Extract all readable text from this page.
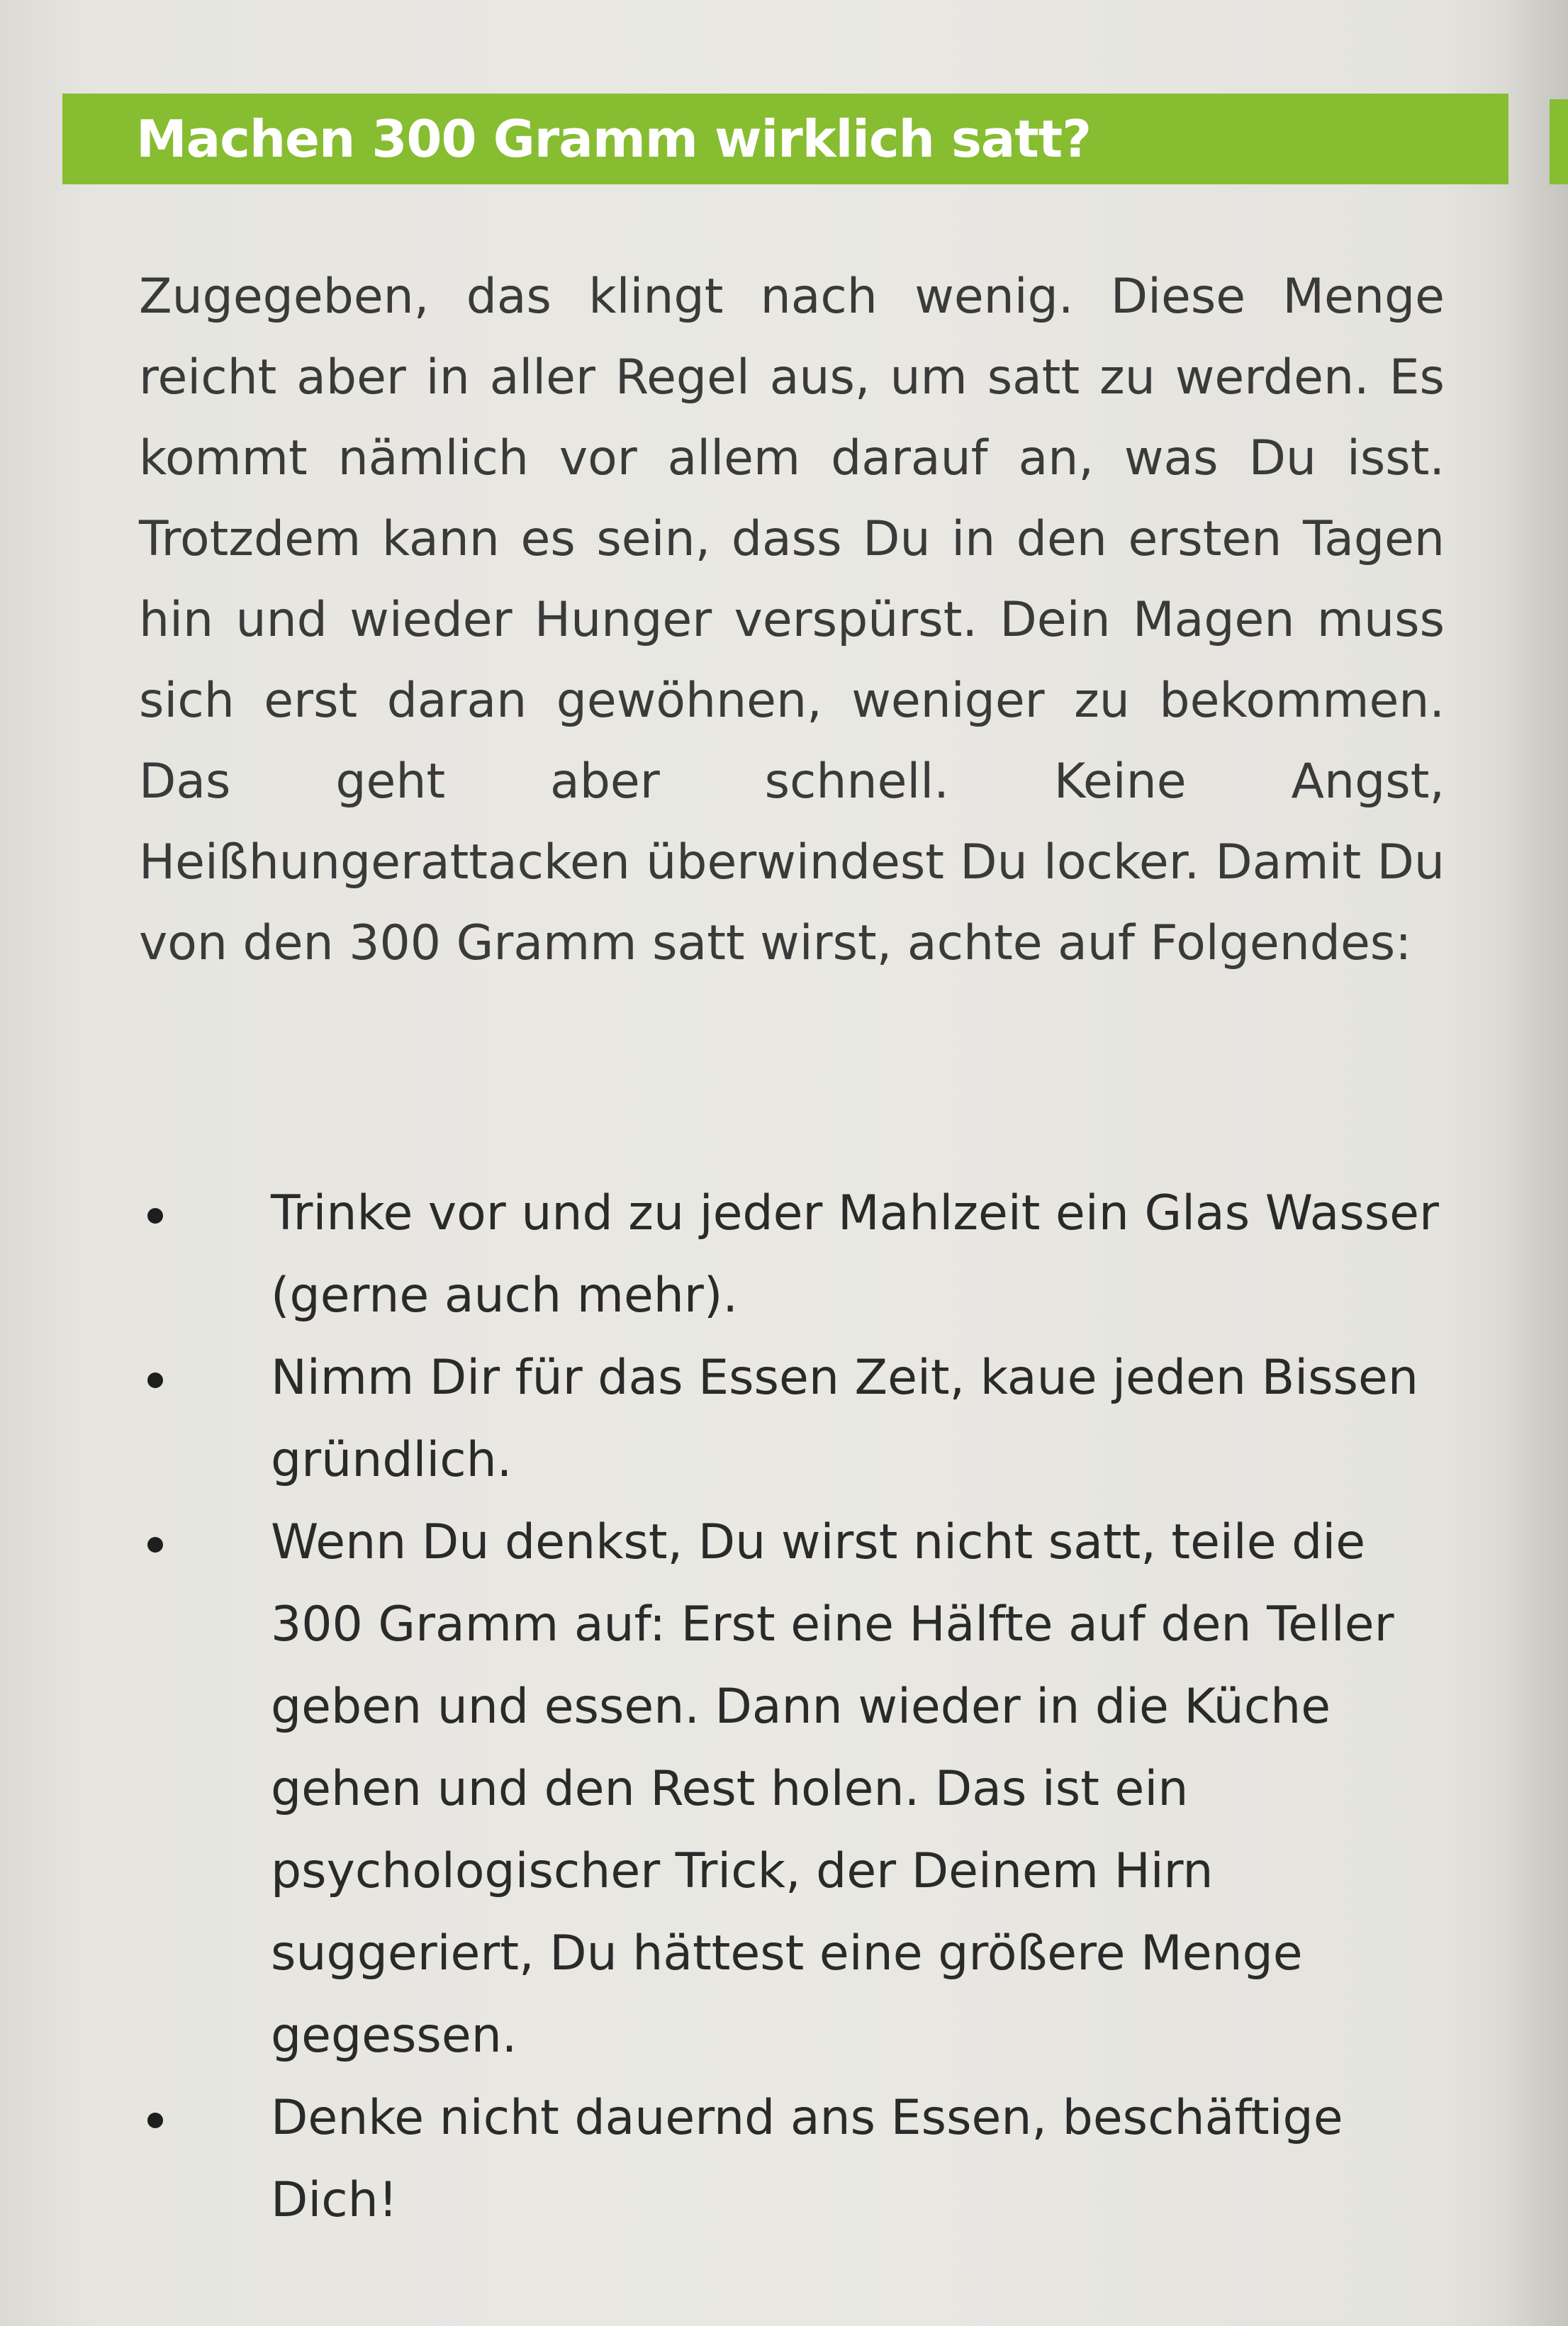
Machen 300 Gramm wirklich satt?

Zugegeben, das klingt nach wenig. Diese Menge reicht aber in aller Regel aus, um satt zu werden. Es kommt nämlich vor allem darauf an, was Du isst. Trotzdem kann es sein, dass Du in den ersten Tagen hin und wieder Hunger verspürst. Dein Magen muss sich erst daran gewöhnen, weniger zu bekommen. Das geht aber schnell. Keine Angst, Heißhungerattacken überwindest Du locker. Damit Du von den 300 Gramm satt wirst, achte auf Folgendes:

Trinke vor und zu jeder Mahlzeit ein Glas Wasser (gerne auch mehr).
Nimm Dir für das Essen Zeit, kaue jeden Bissen gründlich.
Wenn Du denkst, Du wirst nicht satt, teile die 300 Gramm auf: Erst eine Hälfte auf den Teller geben und essen. Dann wieder in die Küche gehen und den Rest holen. Das ist ein psychologischer Trick, der Deinem Hirn suggeriert, Du hättest eine größere Menge gegessen.
Denke nicht dauernd ans Essen, beschäftige Dich!
